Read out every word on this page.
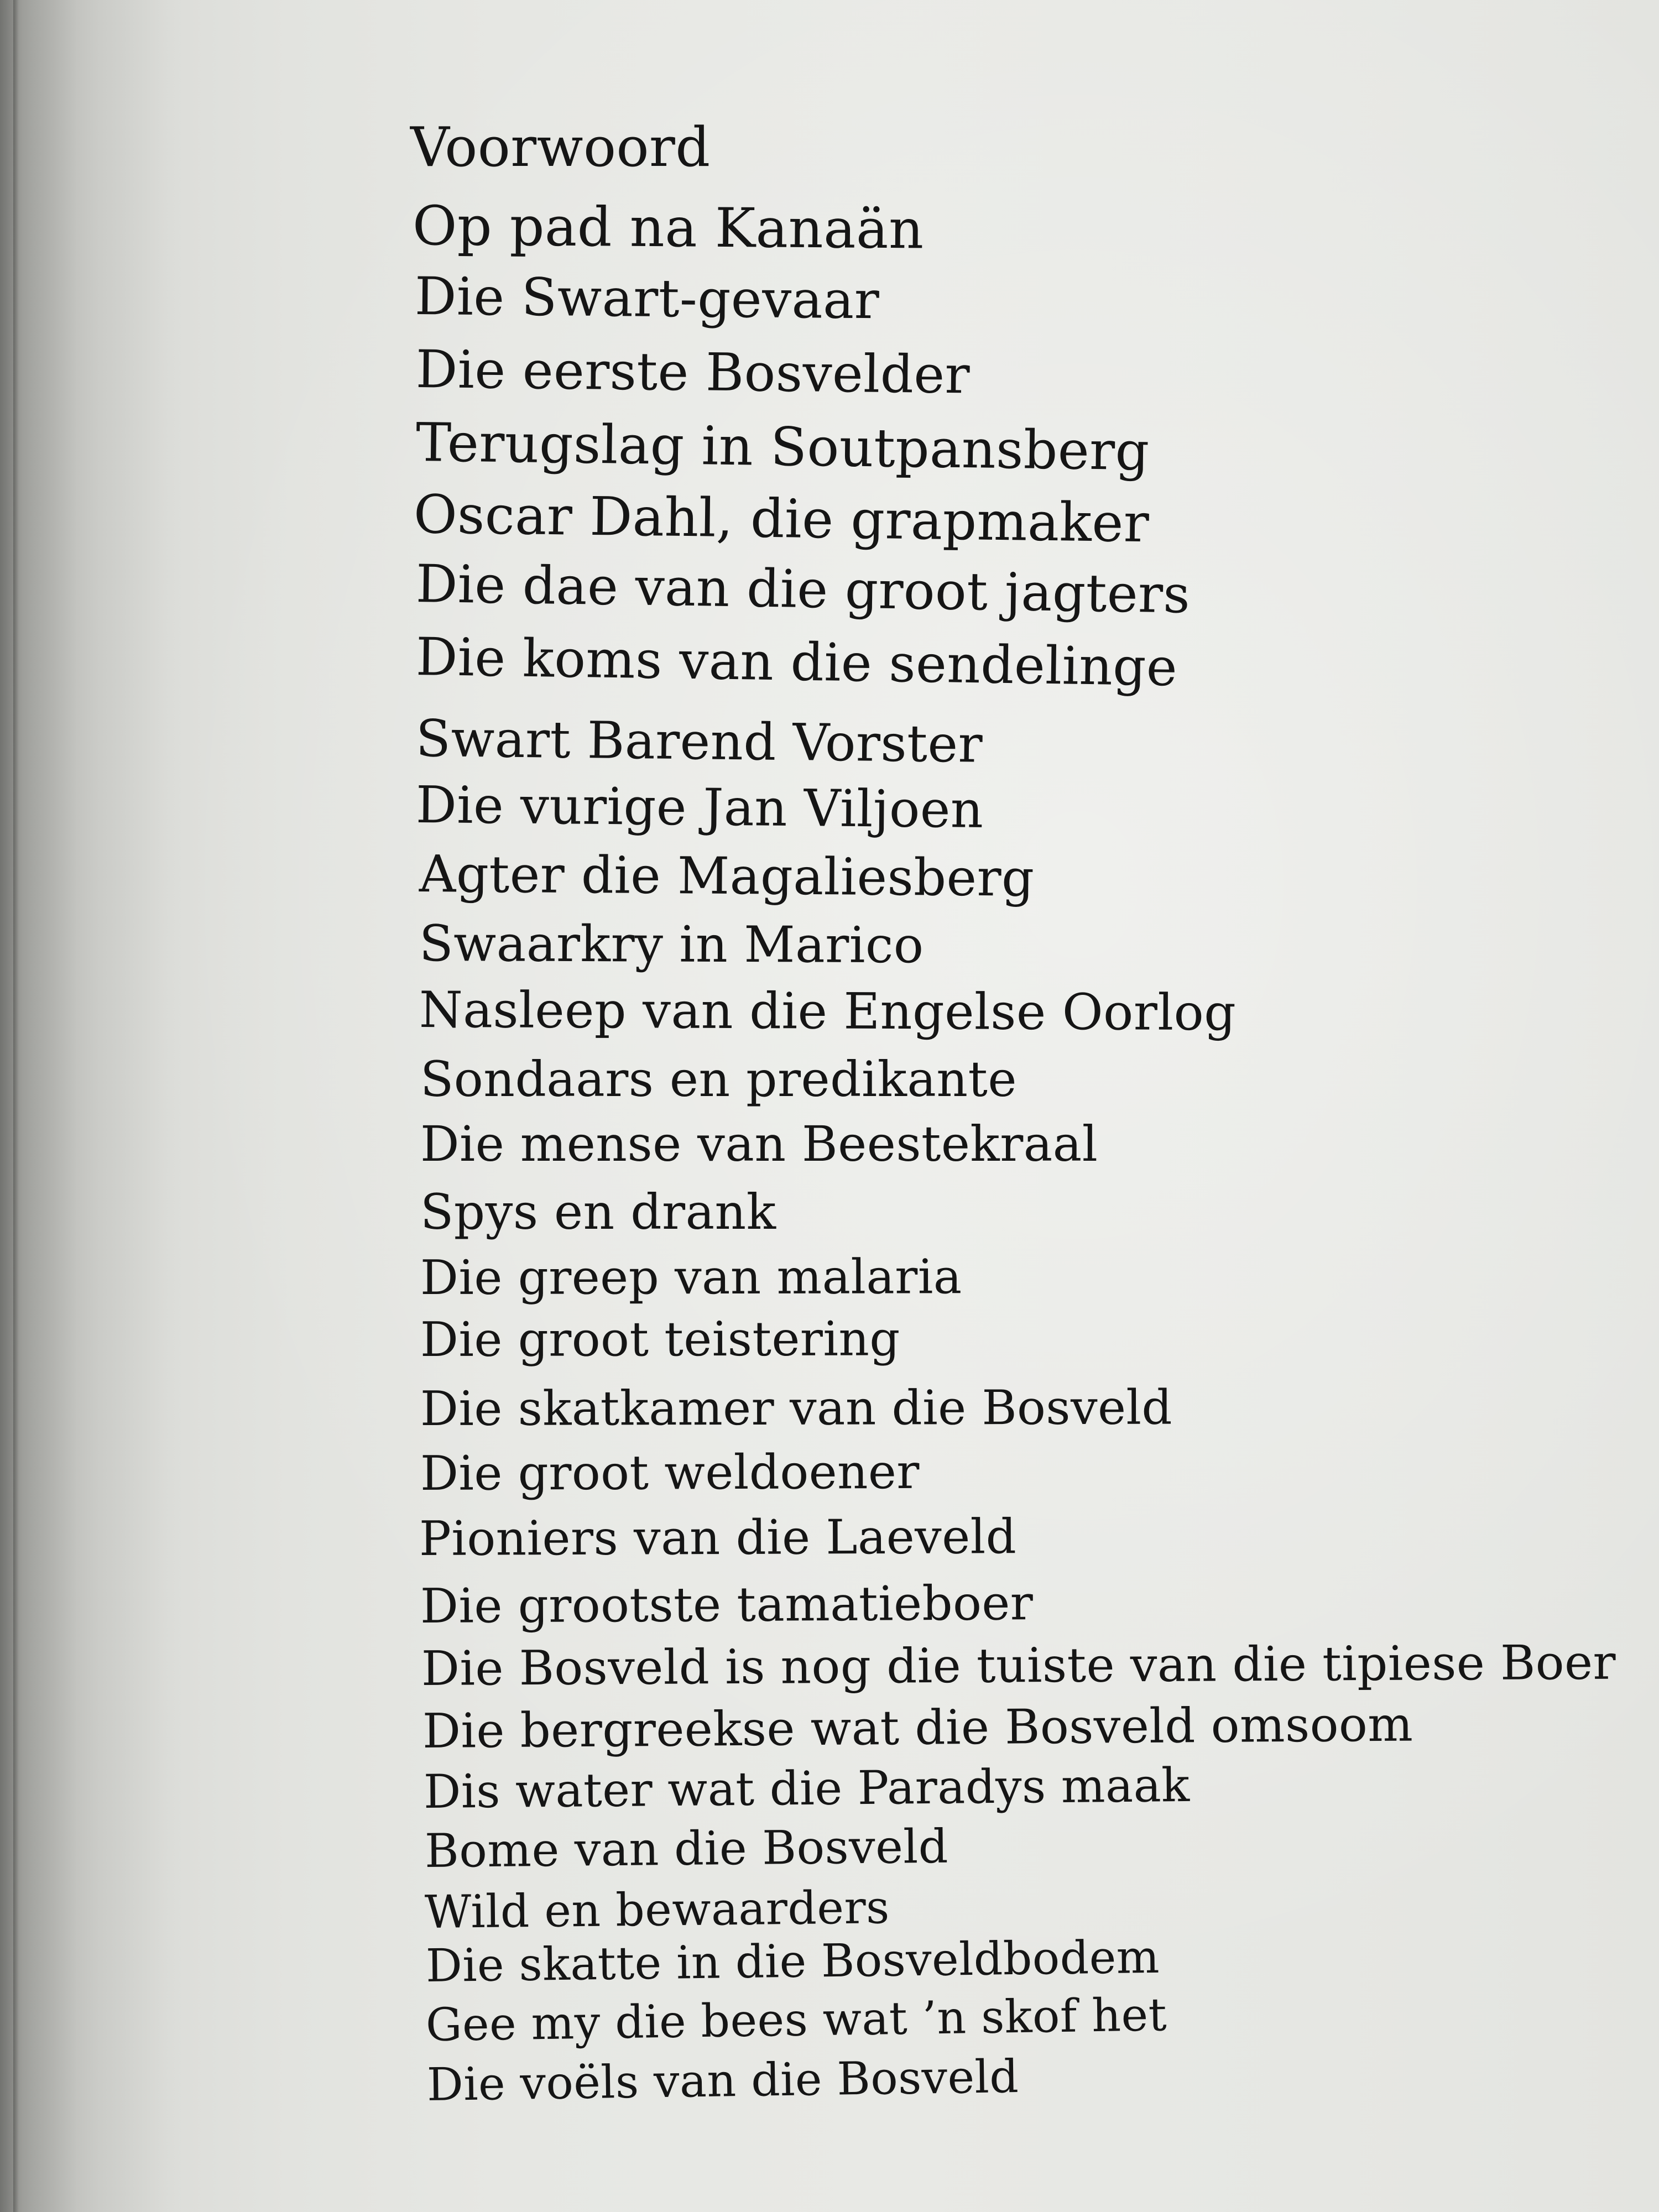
Voorwoord
Op pad na Kanaän
Die Swart-gevaar
Die eerste Bosvelder
Terugslag in Soutpansberg
Oscar Dahl, die grapmaker
Die dae van die groot jagters
Die koms van die sendelinge
Swart Barend Vorster
Die vurige Jan Viljoen
Agter die Magaliesberg
Swaarkry in Marico
Nasleep van die Engelse Oorlog
Sondaars en predikante
Die mense van Beestekraal
Spys en drank
Die greep van malaria
Die groot teistering
Die skatkamer van die Bosveld
Die groot weldoener
Pioniers van die Laeveld
Die grootste tamatieboer
Die Bosveld is nog die tuiste van die tipiese Boer
Die bergreekse wat die Bosveld omsoom
Dis water wat die Paradys maak
Bome van die Bosveld
Wild en bewaarders
Die skatte in die Bosveldbodem
Gee my die bees wat ’n skof het
Die voëls van die Bosveld
